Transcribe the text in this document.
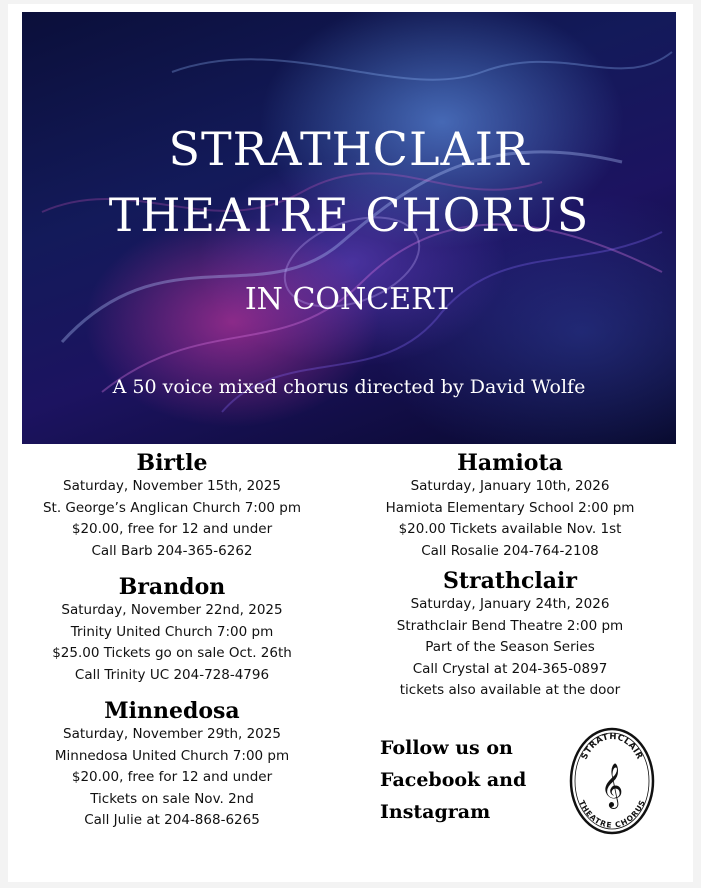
STRATHCLAIR
THEATRE CHORUS
IN CONCERT
A 50 voice mixed chorus directed by David Wolfe
Birtle
Saturday, November 15th, 2025
St. George’s Anglican Church 7:00 pm
$20.00, free for 12 and under
Call Barb 204-365-6262
Brandon
Saturday, November 22nd, 2025
Trinity United Church 7:00 pm
$25.00 Tickets go on sale Oct. 26th
Call Trinity UC 204-728-4796
Minnedosa
Saturday, November 29th, 2025
Minnedosa United Church 7:00 pm
$20.00, free for 12 and under
Tickets on sale Nov. 2nd
Call Julie at 204-868-6265
Hamiota
Saturday, January 10th, 2026
Hamiota Elementary School 2:00 pm
$20.00 Tickets available Nov. 1st
Call Rosalie 204-764-2108
Strathclair
Saturday, January 24th, 2026
Strathclair Bend Theatre 2:00 pm
Part of the Season Series
Call Crystal at 204-365-0897
tickets also available at the door
Follow us on
Facebook and
Instagram
STRATHCLAIR
THEATRE CHORUS
𝄞
